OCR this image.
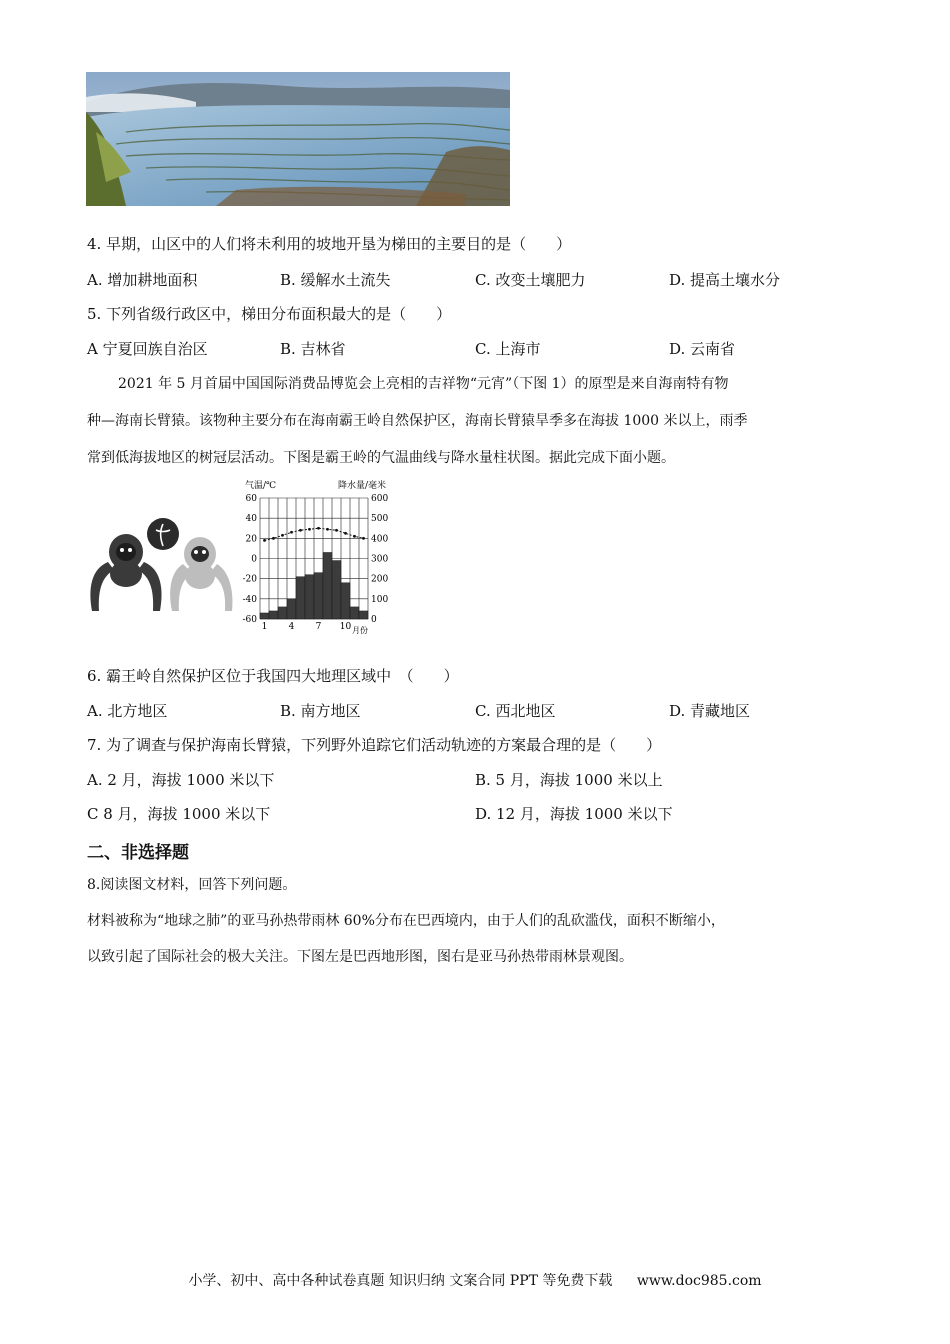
4. 早期，山区中的人们将未利用的坡地开垦为梯田的主要目的是（　　）
A. 增加耕地面积	B. 缓解水土流失	C. 改变土壤肥力	D. 提高土壤水分
5. 下列省级行政区中，梯田分布面积最大的是（　　）
A 宁夏回族自治区	B. 吉林省	C. 上海市	D. 云南省
2021 年 5 月首届中国国际消费品博览会上亮相的吉祥物“元宵”（下图 1）的原型是来自海南特有物
种—海南长臂猿。该物种主要分布在海南霸王岭自然保护区，海南长臂猿旱季多在海拔 1000 米以上，雨季
常到低海拔地区的树冠层活动。下图是霸王岭的气温曲线与降水量柱状图。据此完成下面小题。
气温/℃	降水量/毫米
60
40
20
0
-20
-40
-60
600
500
400
300
200
100
0
1 4 7 10 月份
6. 霸王岭自然保护区位于我国四大地理区域中　（　　）
A. 北方地区	B. 南方地区	C. 西北地区	D. 青藏地区
7. 为了调查与保护海南长臂猿，下列野外追踪它们活动轨迹的方案最合理的是（　　）
A. 2 月，海拔 1000 米以下	B. 5 月，海拔 1000 米以上
C 8 月，海拔 1000 米以下	D. 12 月，海拔 1000 米以下
二、非选择题
8.阅读图文材料，回答下列问题。
材料被称为“地球之肺”的亚马孙热带雨林 60%分布在巴西境内，由于人们的乱砍滥伐，面积不断缩小，
以致引起了国际社会的极大关注。下图左是巴西地形图，图右是亚马孙热带雨林景观图。
小学、初中、高中各种试卷真题 知识归纳 文案合同 PPT 等免费下载 www.doc985.com
